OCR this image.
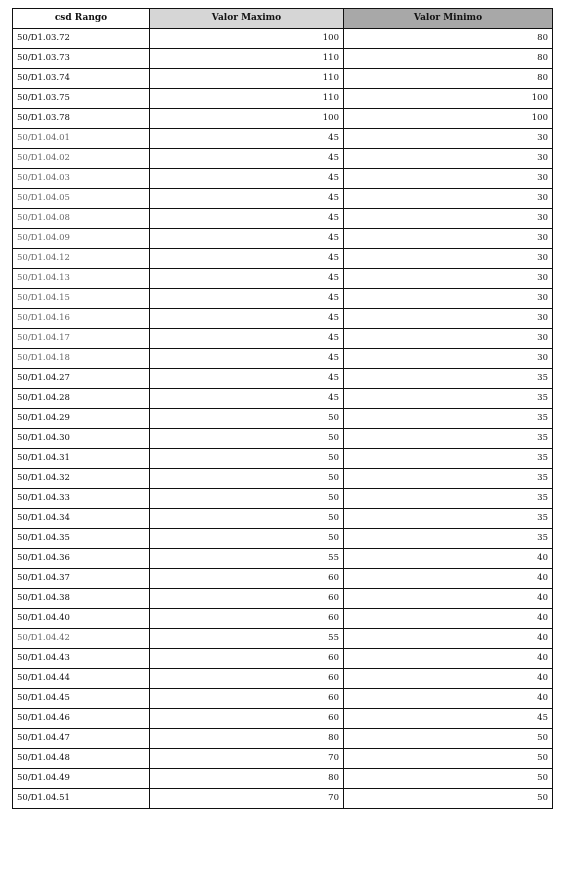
csd Rango	Valor Maximo	Valor Minimo
50/D1.03.72	100	80
50/D1.03.73	110	80
50/D1.03.74	110	80
50/D1.03.75	110	100
50/D1.03.78	100	100
50/D1.04.01	45	30
50/D1.04.02	45	30
50/D1.04.03	45	30
50/D1.04.05	45	30
50/D1.04.08	45	30
50/D1.04.09	45	30
50/D1.04.12	45	30
50/D1.04.13	45	30
50/D1.04.15	45	30
50/D1.04.16	45	30
50/D1.04.17	45	30
50/D1.04.18	45	30
50/D1.04.27	45	35
50/D1.04.28	45	35
50/D1.04.29	50	35
50/D1.04.30	50	35
50/D1.04.31	50	35
50/D1.04.32	50	35
50/D1.04.33	50	35
50/D1.04.34	50	35
50/D1.04.35	50	35
50/D1.04.36	55	40
50/D1.04.37	60	40
50/D1.04.38	60	40
50/D1.04.40	60	40
50/D1.04.42	55	40
50/D1.04.43	60	40
50/D1.04.44	60	40
50/D1.04.45	60	40
50/D1.04.46	60	45
50/D1.04.47	80	50
50/D1.04.48	70	50
50/D1.04.49	80	50
50/D1.04.51	70	50
